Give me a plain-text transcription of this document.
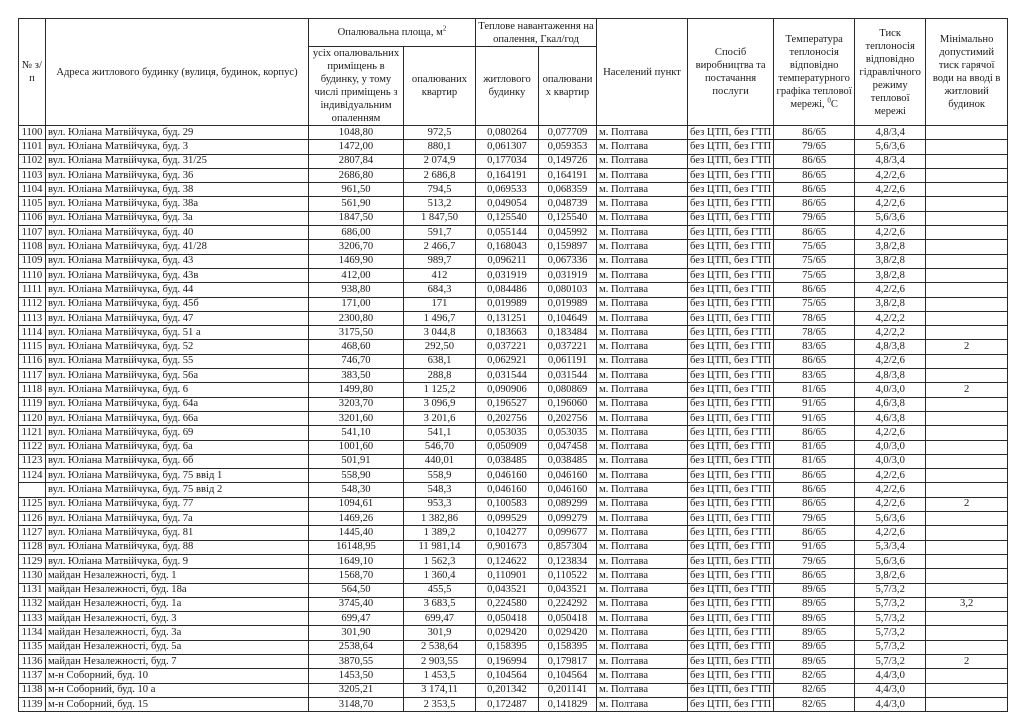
№ з/п	Адреса житлового будинку (вулиця, будинок, корпус)	Опалювальна площа, $м^2$		Теплове навантаження на опалення, Гкал/год		Населений пункт	Спосіб виробництва та постачання послуги	Температура теплоносія відповідно температурного графіка теплової мережі, $^0$C	Тиск теплоносія відповідно гідравлічного режиму теплової мережі	Мінімально допустимий тиск гарячої води на вводі в житловий будинок
		усіх опалювальних приміщень в будинку, у тому числі приміщень з індивідуальним опаленням	опалюваних квартир	житлового будинку	опалювани х квартир					
1100	вул. Юліана Матвійчука, буд. 29	1048,80	972,5	0,080264	0,077709	м. Полтава	без ЦТП, без ГТП	86/65	4,8/3,4	
1101	вул. Юліана Матвійчука, буд. 3	1472,00	880,1	0,061307	0,059353	м. Полтава	без ЦТП, без ГТП	79/65	5,6/3,6	
1102	вул. Юліана Матвійчука, буд. 31/25	2807,84	2 074,9	0,177034	0,149726	м. Полтава	без ЦТП, без ГТП	86/65	4,8/3,4	
1103	вул. Юліана Матвійчука, буд. 36	2686,80	2 686,8	0,164191	0,164191	м. Полтава	без ЦТП, без ГТП	86/65	4,2/2,6	
1104	вул. Юліана Матвійчука, буд. 38	961,50	794,5	0,069533	0,068359	м. Полтава	без ЦТП, без ГТП	86/65	4,2/2,6	
1105	вул. Юліана Матвійчука, буд. 38а	561,90	513,2	0,049054	0,048739	м. Полтава	без ЦТП, без ГТП	86/65	4,2/2,6	
1106	вул. Юліана Матвійчука, буд. 3а	1847,50	1 847,50	0,125540	0,125540	м. Полтава	без ЦТП, без ГТП	79/65	5,6/3,6	
1107	вул. Юліана Матвійчука, буд. 40	686,00	591,7	0,055144	0,045992	м. Полтава	без ЦТП, без ГТП	86/65	4,2/2,6	
1108	вул. Юліана Матвійчука, буд. 41/28	3206,70	2 466,7	0,168043	0,159897	м. Полтава	без ЦТП, без ГТП	75/65	3,8/2,8	
1109	вул. Юліана Матвійчука, буд. 43	1469,90	989,7	0,096211	0,067336	м. Полтава	без ЦТП, без ГТП	75/65	3,8/2,8	
1110	вул. Юліана Матвійчука, буд. 43в	412,00	412	0,031919	0,031919	м. Полтава	без ЦТП, без ГТП	75/65	3,8/2,8	
1111	вул. Юліана Матвійчука, буд. 44	938,80	684,3	0,084486	0,080103	м. Полтава	без ЦТП, без ГТП	86/65	4,2/2,6	
1112	вул. Юліана Матвійчука, буд. 45б	171,00	171	0,019989	0,019989	м. Полтава	без ЦТП, без ГТП	75/65	3,8/2,8	
1113	вул. Юліана Матвійчука, буд. 47	2300,80	1 496,7	0,131251	0,104649	м. Полтава	без ЦТП, без ГТП	78/65	4,2/2,2	
1114	вул. Юліана Матвійчука, буд. 51 а	3175,50	3 044,8	0,183663	0,183484	м. Полтава	без ЦТП, без ГТП	78/65	4,2/2,2	
1115	вул. Юліана Матвійчука, буд. 52	468,60	292,50	0,037221	0,037221	м. Полтава	без ЦТП, без ГТП	83/65	4,8/3,8	2
1116	вул. Юліана Матвійчука, буд. 55	746,70	638,1	0,062921	0,061191	м. Полтава	без ЦТП, без ГТП	86/65	4,2/2,6	
1117	вул. Юліана Матвійчука, буд. 56а	383,50	288,8	0,031544	0,031544	м. Полтава	без ЦТП, без ГТП	83/65	4,8/3,8	
1118	вул. Юліана Матвійчука, буд. 6	1499,80	1 125,2	0,090906	0,080869	м. Полтава	без ЦТП, без ГТП	81/65	4,0/3,0	2
1119	вул. Юліана Матвійчука, буд. 64а	3203,70	3 096,9	0,196527	0,196060	м. Полтава	без ЦТП, без ГТП	91/65	4,6/3,8	
1120	вул. Юліана Матвійчука, буд. 66а	3201,60	3 201,6	0,202756	0,202756	м. Полтава	без ЦТП, без ГТП	91/65	4,6/3,8	
1121	вул. Юліана Матвійчука, буд. 69	541,10	541,1	0,053035	0,053035	м. Полтава	без ЦТП, без ГТП	86/65	4,2/2,6	
1122	вул. Юліана Матвійчука, буд. 6а	1001,60	546,70	0,050909	0,047458	м. Полтава	без ЦТП, без ГТП	81/65	4,0/3,0	
1123	вул. Юліана Матвійчука, буд. 6б	501,91	440,01	0,038485	0,038485	м. Полтава	без ЦТП, без ГТП	81/65	4,0/3,0	
1124	вул. Юліана Матвійчука, буд. 75 ввід 1	558,90	558,9	0,046160	0,046160	м. Полтава	без ЦТП, без ГТП	86/65	4,2/2,6	
	вул. Юліана Матвійчука, буд. 75 ввід 2	548,30	548,3	0,046160	0,046160	м. Полтава	без ЦТП, без ГТП	86/65	4,2/2,6	
1125	вул. Юліана Матвійчука, буд. 77	1094,61	953,3	0,100583	0,089299	м. Полтава	без ЦТП, без ГТП	86/65	4,2/2,6	2
1126	вул. Юліана Матвійчука, буд. 7а	1469,26	1 382,86	0,099529	0,099279	м. Полтава	без ЦТП, без ГТП	79/65	5,6/3,6	
1127	вул. Юліана Матвійчука, буд. 81	1445,40	1 389,2	0,104277	0,099677	м. Полтава	без ЦТП, без ГТП	86/65	4,2/2,6	
1128	вул. Юліана Матвійчука, буд. 88	16148,95	11 981,14	0,901673	0,857304	м. Полтава	без ЦТП, без ГТП	91/65	5,3/3,4	
1129	вул. Юліана Матвійчука, буд. 9	1649,10	1 562,3	0,124622	0,123834	м. Полтава	без ЦТП, без ГТП	79/65	5,6/3,6	
1130	майдан Незалежності, буд. 1	1568,70	1 360,4	0,110901	0,110522	м. Полтава	без ЦТП, без ГТП	86/65	3,8/2,6	
1131	майдан Незалежності, буд. 18а	564,50	455,5	0,043521	0,043521	м. Полтава	без ЦТП, без ГТП	89/65	5,7/3,2	
1132	майдан Незалежності, буд. 1а	3745,40	3 683,5	0,224580	0,224292	м. Полтава	без ЦТП, без ГТП	89/65	5,7/3,2	3,2
1133	майдан Незалежності, буд. 3	699,47	699,47	0,050418	0,050418	м. Полтава	без ЦТП, без ГТП	89/65	5,7/3,2	
1134	майдан Незалежності, буд. 3а	301,90	301,9	0,029420	0,029420	м. Полтава	без ЦТП, без ГТП	89/65	5,7/3,2	
1135	майдан Незалежності, буд. 5а	2538,64	2 538,64	0,158395	0,158395	м. Полтава	без ЦТП, без ГТП	89/65	5,7/3,2	
1136	майдан Незалежності, буд. 7	3870,55	2 903,55	0,196994	0,179817	м. Полтава	без ЦТП, без ГТП	89/65	5,7/3,2	2
1137	м-н Соборний, буд. 10	1453,50	1 453,5	0,104564	0,104564	м. Полтава	без ЦТП, без ГТП	82/65	4,4/3,0	
1138	м-н Соборний, буд. 10 а	3205,21	3 174,11	0,201342	0,201141	м. Полтава	без ЦТП, без ГТП	82/65	4,4/3,0	
1139	м-н Соборний, буд. 15	3148,70	2 353,5	0,172487	0,141829	м. Полтава	без ЦТП, без ГТП	82/65	4,4/3,0	
